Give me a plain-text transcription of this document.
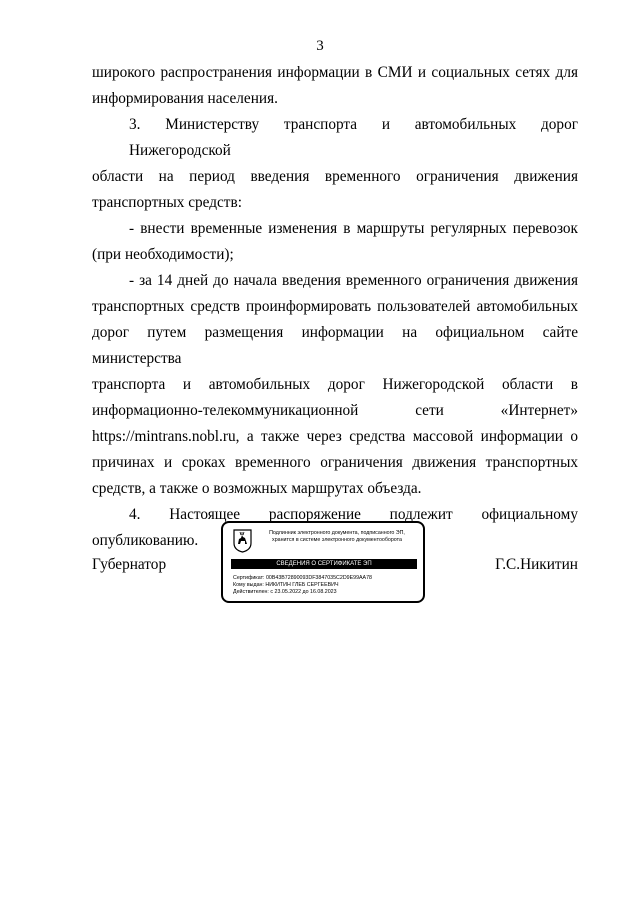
3

широкого распространения информации в СМИ и социальных сетях для
информирования населения.

3. Министерству транспорта и автомобильных дорог Нижегородской
области на период введения временного ограничения движения
транспортных средств:

- внести временные изменения в маршруты регулярных перевозок
(при необходимости);

- за 14 дней до начала введения временного ограничения движения
транспортных средств проинформировать пользователей автомобильных
дорог путем размещения информации на официальном сайте министерства
транспорта и автомобильных дорог Нижегородской области в
информационно-телекоммуникационной сети «Интернет»
https://mintrans.nobl.ru, а также через средства массовой информации о
причинах и сроках временного ограничения движения транспортных
средств, а также о возможных маршрутах объезда.

4. Настоящее распоряжение подлежит официальному
опубликованию.

Губернатор	Г.С.Никитин
Подлинник электронного документа, подписанного ЭП,
хранится в системе электронного документооборота
СВЕДЕНИЯ О СЕРТИФИКАТЕ ЭП
Сертификат: 00B43B72890093DF3847035C2D9E99AA78
Кому выдан: НИКИТИН ГЛЕБ СЕРГЕЕВИЧ
Действителен: с 23.05.2022 до 16.08.2023
